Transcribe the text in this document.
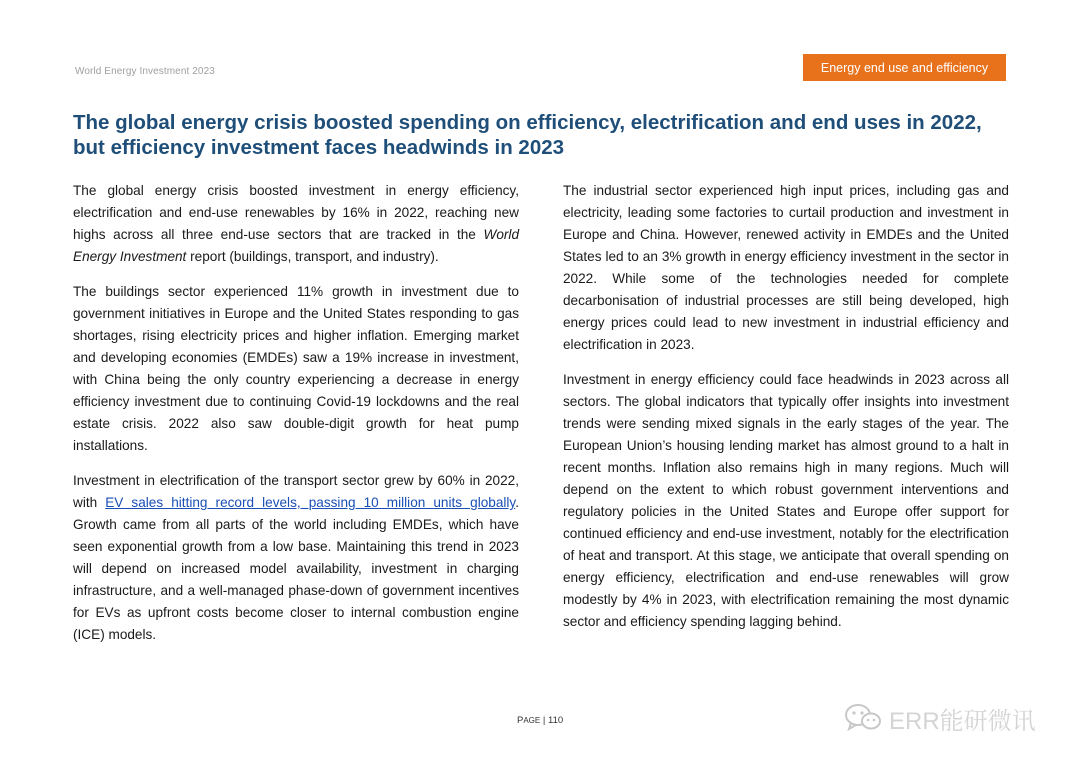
World Energy Investment 2023	Energy end use and efficiency
The global energy crisis boosted spending on efficiency, electrification and end uses in 2022,
but efficiency investment faces headwinds in 2023

The global energy crisis boosted investment in energy efficiency, electrification and end-use renewables by 16% in 2022, reaching new highs across all three end-use sectors that are tracked in the World Energy Investment report (buildings, transport, and industry).

The buildings sector experienced 11% growth in investment due to government initiatives in Europe and the United States responding to gas shortages, rising electricity prices and higher inflation. Emerging market and developing economies (EMDEs) saw a 19% increase in investment, with China being the only country experiencing a decrease in energy efficiency investment due to continuing Covid-19 lockdowns and the real estate crisis. 2022 also saw double-digit growth for heat pump installations.

Investment in electrification of the transport sector grew by 60% in 2022, with EV sales hitting record levels, passing 10 million units globally. Growth came from all parts of the world including EMDEs, which have seen exponential growth from a low base. Maintaining this trend in 2023 will depend on increased model availability, investment in charging infrastructure, and a well-managed phase-down of government incentives for EVs as upfront costs become closer to internal combustion engine (ICE) models.

The industrial sector experienced high input prices, including gas and electricity, leading some factories to curtail production and investment in Europe and China. However, renewed activity in EMDEs and the United States led to an 3% growth in energy efficiency investment in the sector in 2022. While some of the technologies needed for complete decarbonisation of industrial processes are still being developed, high energy prices could lead to new investment in industrial efficiency and electrification in 2023.

Investment in energy efficiency could face headwinds in 2023 across all sectors. The global indicators that typically offer insights into investment trends were sending mixed signals in the early stages of the year. The European Union’s housing lending market has almost ground to a halt in recent months. Inflation also remains high in many regions. Much will depend on the extent to which robust government interventions and regulatory policies in the United States and Europe offer support for continued efficiency and end-use investment, notably for the electrification of heat and transport. At this stage, we anticipate that overall spending on energy efficiency, electrification and end-use renewables will grow modestly by 4% in 2023, with electrification remaining the most dynamic sector and efficiency spending lagging behind.

PAGE | 110	ERR能研微讯
